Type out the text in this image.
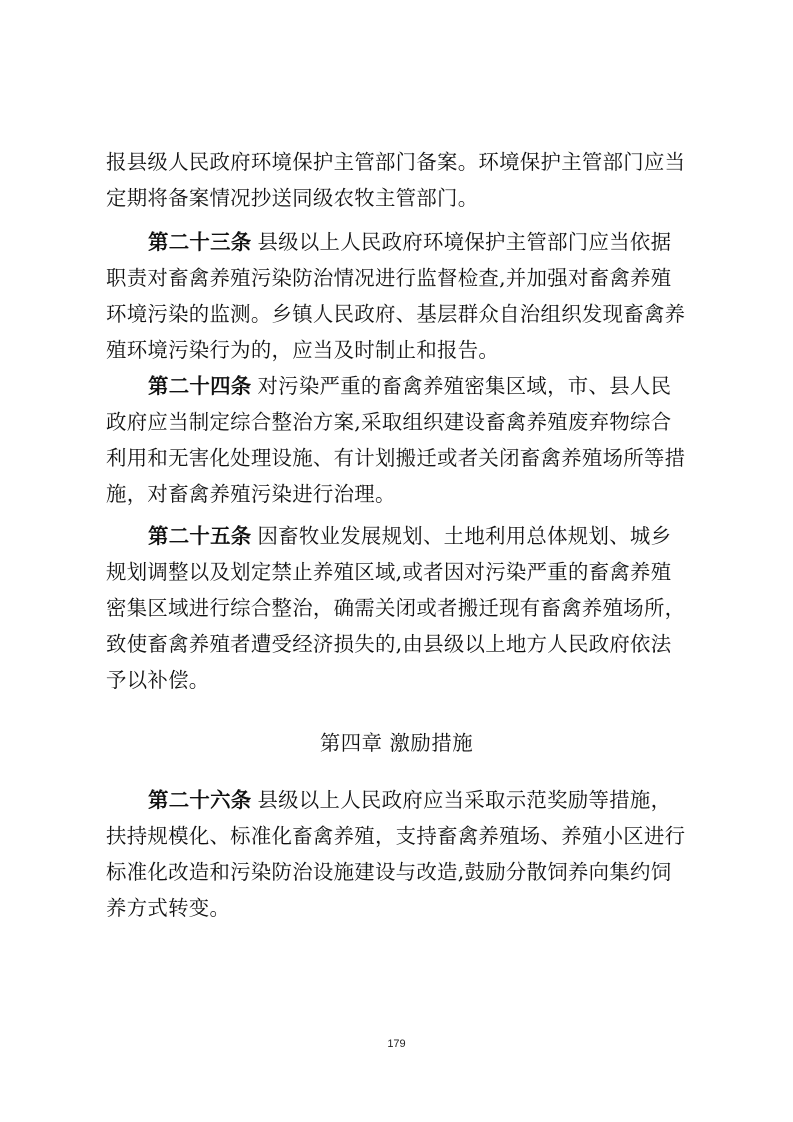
报县级人民政府环境保护主管部门备案。环境保护主管部门应当
定期将备案情况抄送同级农牧主管部门。
第二十三条 县级以上人民政府环境保护主管部门应当依据
职责对畜禽养殖污染防治情况进行监督检查,并加强对畜禽养殖
环境污染的监测。乡镇人民政府、基层群众自治组织发现畜禽养
殖环境污染行为的，应当及时制止和报告。
第二十四条 对污染严重的畜禽养殖密集区域，市、县人民
政府应当制定综合整治方案,采取组织建设畜禽养殖废弃物综合
利用和无害化处理设施、有计划搬迁或者关闭畜禽养殖场所等措
施，对畜禽养殖污染进行治理。
第二十五条 因畜牧业发展规划、土地利用总体规划、城乡
规划调整以及划定禁止养殖区域,或者因对污染严重的畜禽养殖
密集区域进行综合整治，确需关闭或者搬迁现有畜禽养殖场所，
致使畜禽养殖者遭受经济损失的,由县级以上地方人民政府依法
予以补偿。
第四章 激励措施
第二十六条 县级以上人民政府应当采取示范奖励等措施，
扶持规模化、标准化畜禽养殖，支持畜禽养殖场、养殖小区进行
标准化改造和污染防治设施建设与改造,鼓励分散饲养向集约饲
养方式转变。
179
